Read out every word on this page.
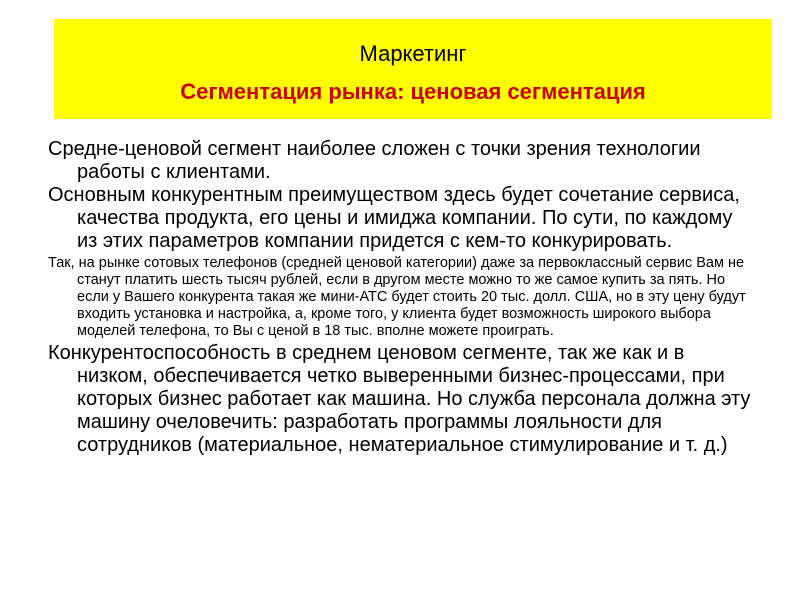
Маркетинг
Сегментация рынка: ценовая сегментация

Средне-ценовой сегмент наиболее сложен с точки зрения технологии работы с клиентами.

Основным конкурентным преимуществом здесь будет сочетание сервиса, качества продукта, его цены и имиджа компании. По сути, по каждому из этих параметров компании придется с кем-то конкурировать.

Так, на рынке сотовых телефонов (средней ценовой категории) даже за первоклассный сервис Вам не станут платить шесть тысяч рублей, если в другом месте можно то же самое купить за пять. Но если у Вашего конкурента такая же мини-АТС будет стоить 20 тыс. долл. США, но в эту цену будут входить установка и настройка, а, кроме того, у клиента будет возможность широкого выбора моделей телефона, то Вы с ценой в 18 тыс. вполне можете проиграть.

Конкурентоспособность в среднем ценовом сегменте, так же как и в низком, обеспечивается четко выверенными бизнес-процессами, при которых бизнес работает как машина. Но служба персонала должна эту машину очеловечить: разработать программы лояльности для сотрудников (материальное, нематериальное стимулирование и т. д.)
